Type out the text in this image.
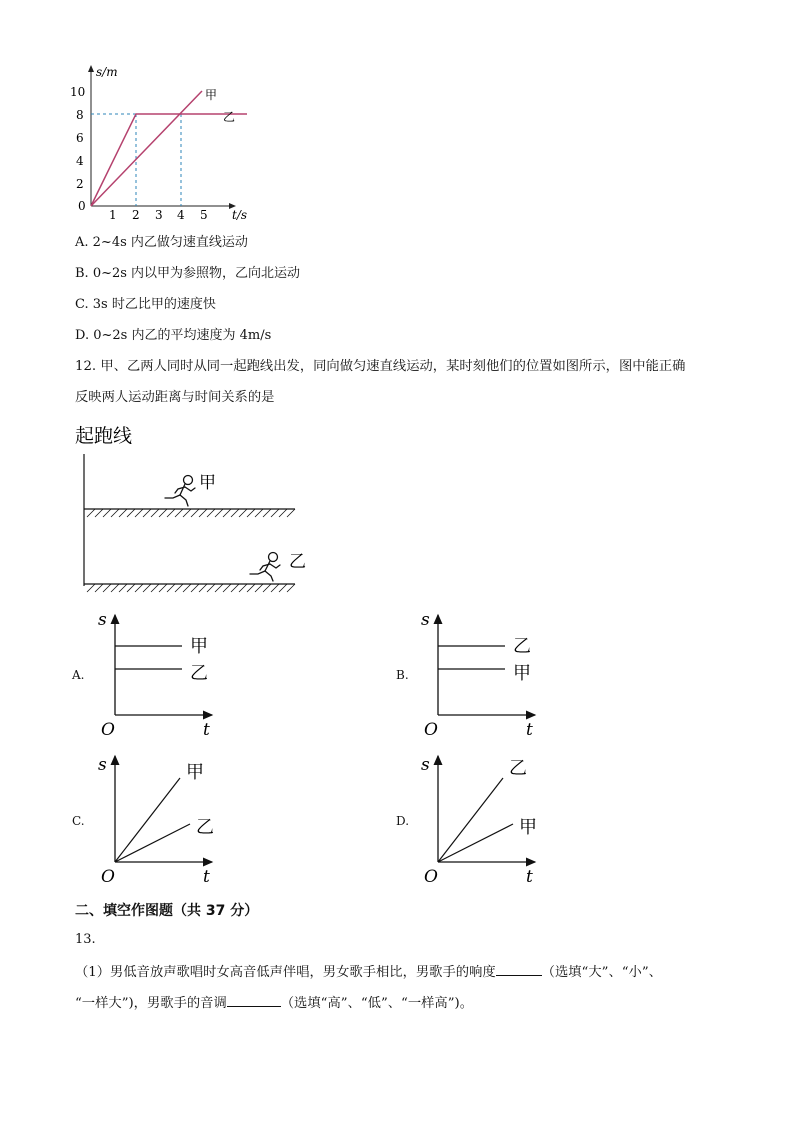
s/m
t/s
10
8
6
4
2
0
1 2 3 4 5
甲
乙
A. 2~4s 内乙做匀速直线运动
B. 0~2s 内以甲为参照物，乙向北运动
C. 3s 时乙比甲的速度快
D. 0~2s 内乙的平均速度为 4m/s
12. 甲、乙两人同时从同一起跑线出发，同向做匀速直线运动，某时刻他们的位置如图所示，图中能正确
反映两人运动距离与时间关系的是
起跑线
甲
乙
A.
s
t
O
甲
乙	B.
s
t
O
乙
甲
C.
s
t
O
甲
乙	D.
s
t
O
乙
甲
二、填空作图题（共 37 分）
13.
（1）男低音放声歌唱时女高音低声伴唱，男女歌手相比，男歌手的响度	（选填“大”、“小”、
“一样大”)，男歌手的音调	（选填“高”、“低”、“一样高”)。
